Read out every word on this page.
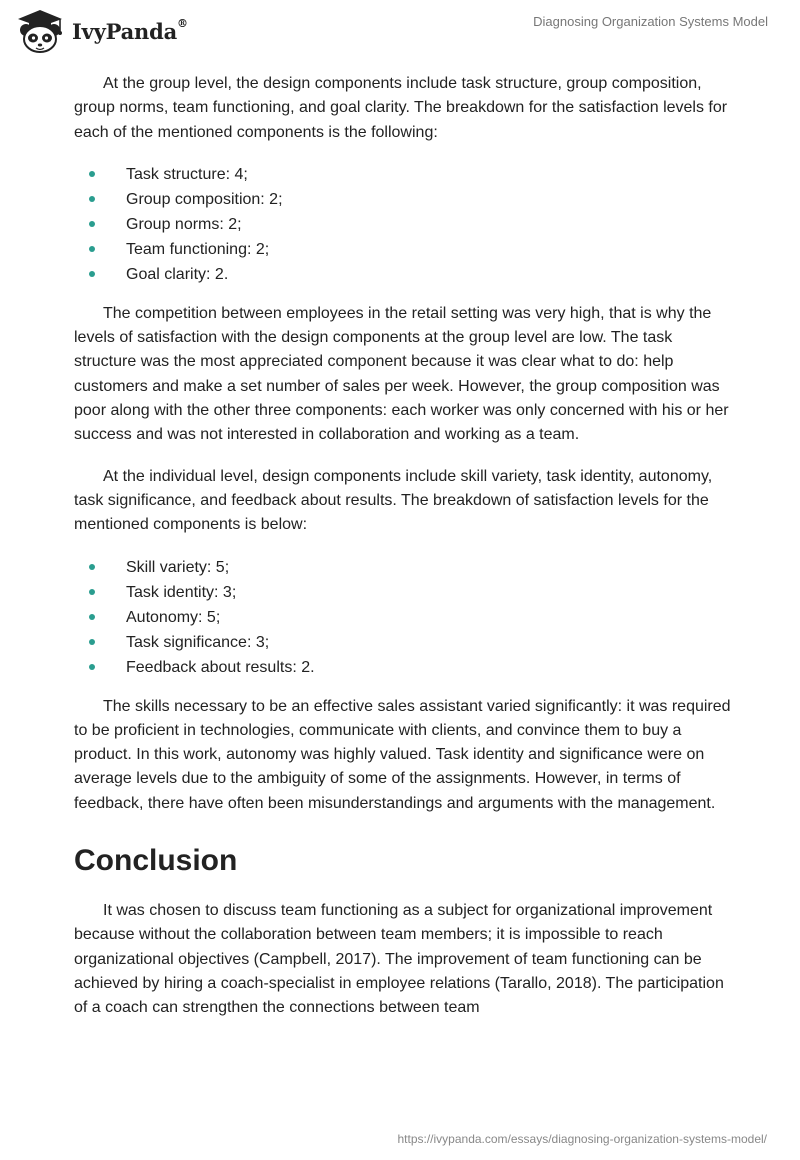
IvyPanda®	Diagnosing Organization Systems Model

At the group level, the design components include task structure, group composition, group norms, team functioning, and goal clarity. The breakdown for the satisfaction levels for each of the mentioned components is the following:

Task structure: 4;
Group composition: 2;
Group norms: 2;
Team functioning: 2;
Goal clarity: 2.

The competition between employees in the retail setting was very high, that is why the levels of satisfaction with the design components at the group level are low. The task structure was the most appreciated component because it was clear what to do: help customers and make a set number of sales per week. However, the group composition was poor along with the other three components: each worker was only concerned with his or her success and was not interested in collaboration and working as a team.

At the individual level, design components include skill variety, task identity, autonomy, task significance, and feedback about results. The breakdown of satisfaction levels for the mentioned components is below:

Skill variety: 5;
Task identity: 3;
Autonomy: 5;
Task significance: 3;
Feedback about results: 2.

The skills necessary to be an effective sales assistant varied significantly: it was required to be proficient in technologies, communicate with clients, and convince them to buy a product. In this work, autonomy was highly valued. Task identity and significance were on average levels due to the ambiguity of some of the assignments. However, in terms of feedback, there have often been misunderstandings and arguments with the management.

Conclusion

It was chosen to discuss team functioning as a subject for organizational improvement because without the collaboration between team members; it is impossible to reach organizational objectives (Campbell, 2017). The improvement of team functioning can be achieved by hiring a coach-specialist in employee relations (Tarallo, 2018). The participation of a coach can strengthen the connections between team

https://ivypanda.com/essays/diagnosing-organization-systems-model/
